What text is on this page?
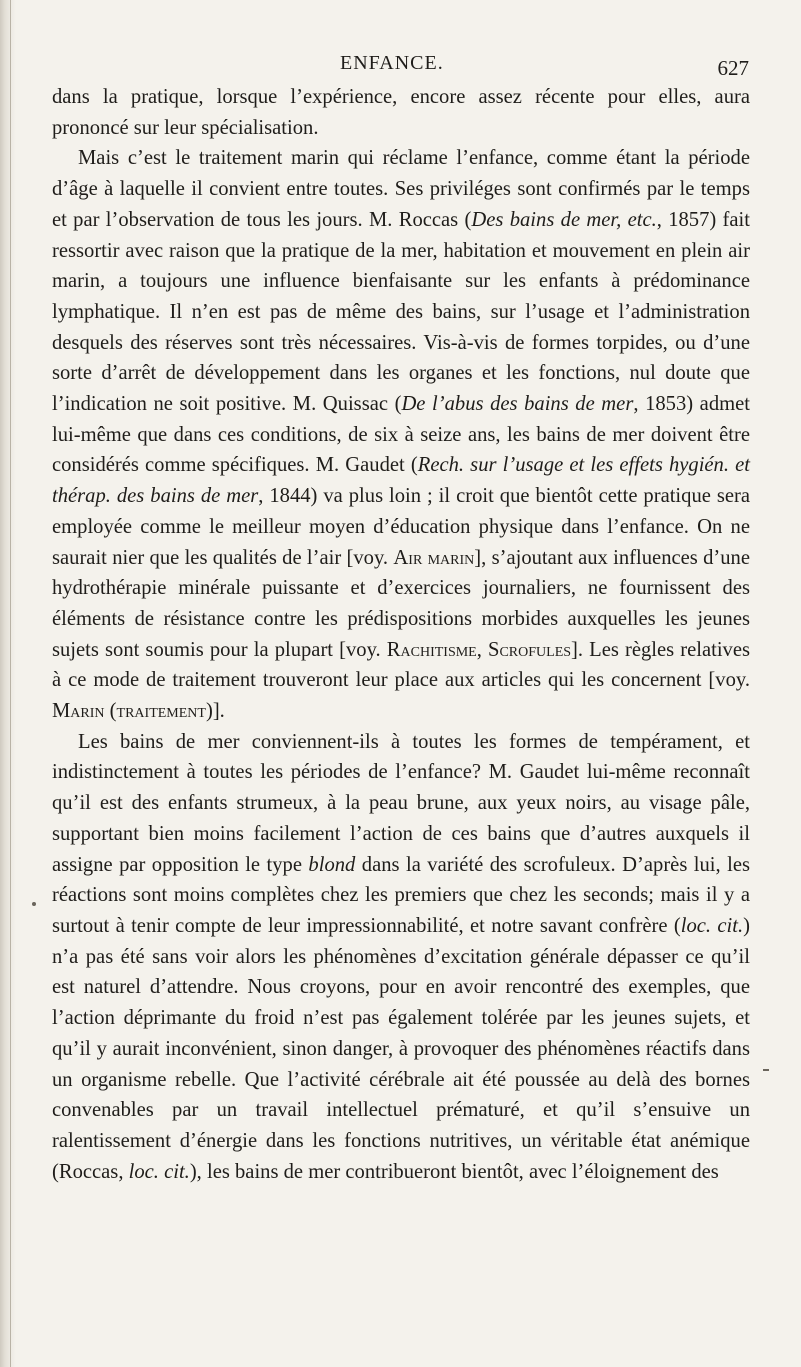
ENFANCE.	627

dans la pratique, lorsque l’expérience, encore assez récente pour elles, aura prononcé sur leur spécialisation.

Mais c’est le traitement marin qui réclame l’enfance, comme étant la période d’âge à laquelle il convient entre toutes. Ses priviléges sont confirmés par le temps et par l’observation de tous les jours. M. Roccas (Des bains de mer, etc., 1857) fait ressortir avec raison que la pratique de la mer, habitation et mouvement en plein air marin, a toujours une influence bienfaisante sur les enfants à prédominance lymphatique. Il n’en est pas de même des bains, sur l’usage et l’administration desquels des réserves sont très nécessaires. Vis-à-vis de formes torpides, ou d’une sorte d’arrêt de développement dans les organes et les fonctions, nul doute que l’indication ne soit positive. M. Quissac (De l’abus des bains de mer, 1853) admet lui-même que dans ces conditions, de six à seize ans, les bains de mer doivent être considérés comme spécifiques. M. Gaudet (Rech. sur l’usage et les effets hygién. et thérap. des bains de mer, 1844) va plus loin ; il croit que bientôt cette pratique sera employée comme le meilleur moyen d’éducation physique dans l’enfance. On ne saurait nier que les qualités de l’air [voy. Air marin], s’ajoutant aux influences d’une hydrothérapie minérale puissante et d’exercices journaliers, ne fournissent des éléments de résistance contre les prédispositions morbides auxquelles les jeunes sujets sont soumis pour la plupart [voy. Rachitisme, Scrofules]. Les règles relatives à ce mode de traitement trouveront leur place aux articles qui les concernent [voy. Marin (traitement)].

Les bains de mer conviennent-ils à toutes les formes de tempérament, et indistinctement à toutes les périodes de l’enfance? M. Gaudet lui-même reconnaît qu’il est des enfants strumeux, à la peau brune, aux yeux noirs, au visage pâle, supportant bien moins facilement l’action de ces bains que d’autres auxquels il assigne par opposition le type blond dans la variété des scrofuleux. D’après lui, les réactions sont moins complètes chez les premiers que chez les seconds; mais il y a surtout à tenir compte de leur impressionnabilité, et notre savant confrère (loc. cit.) n’a pas été sans voir alors les phénomènes d’excitation générale dépasser ce qu’il est naturel d’attendre. Nous croyons, pour en avoir rencontré des exemples, que l’action déprimante du froid n’est pas également tolérée par les jeunes sujets, et qu’il y aurait inconvénient, sinon danger, à provoquer des phénomènes réactifs dans un organisme rebelle. Que l’activité cérébrale ait été poussée au delà des bornes convenables par un travail intellectuel prématuré, et qu’il s’ensuive un ralentissement d’énergie dans les fonctions nutritives, un véritable état anémique (Roccas, loc. cit.), les bains de mer contribueront bientôt, avec l’éloignement des
